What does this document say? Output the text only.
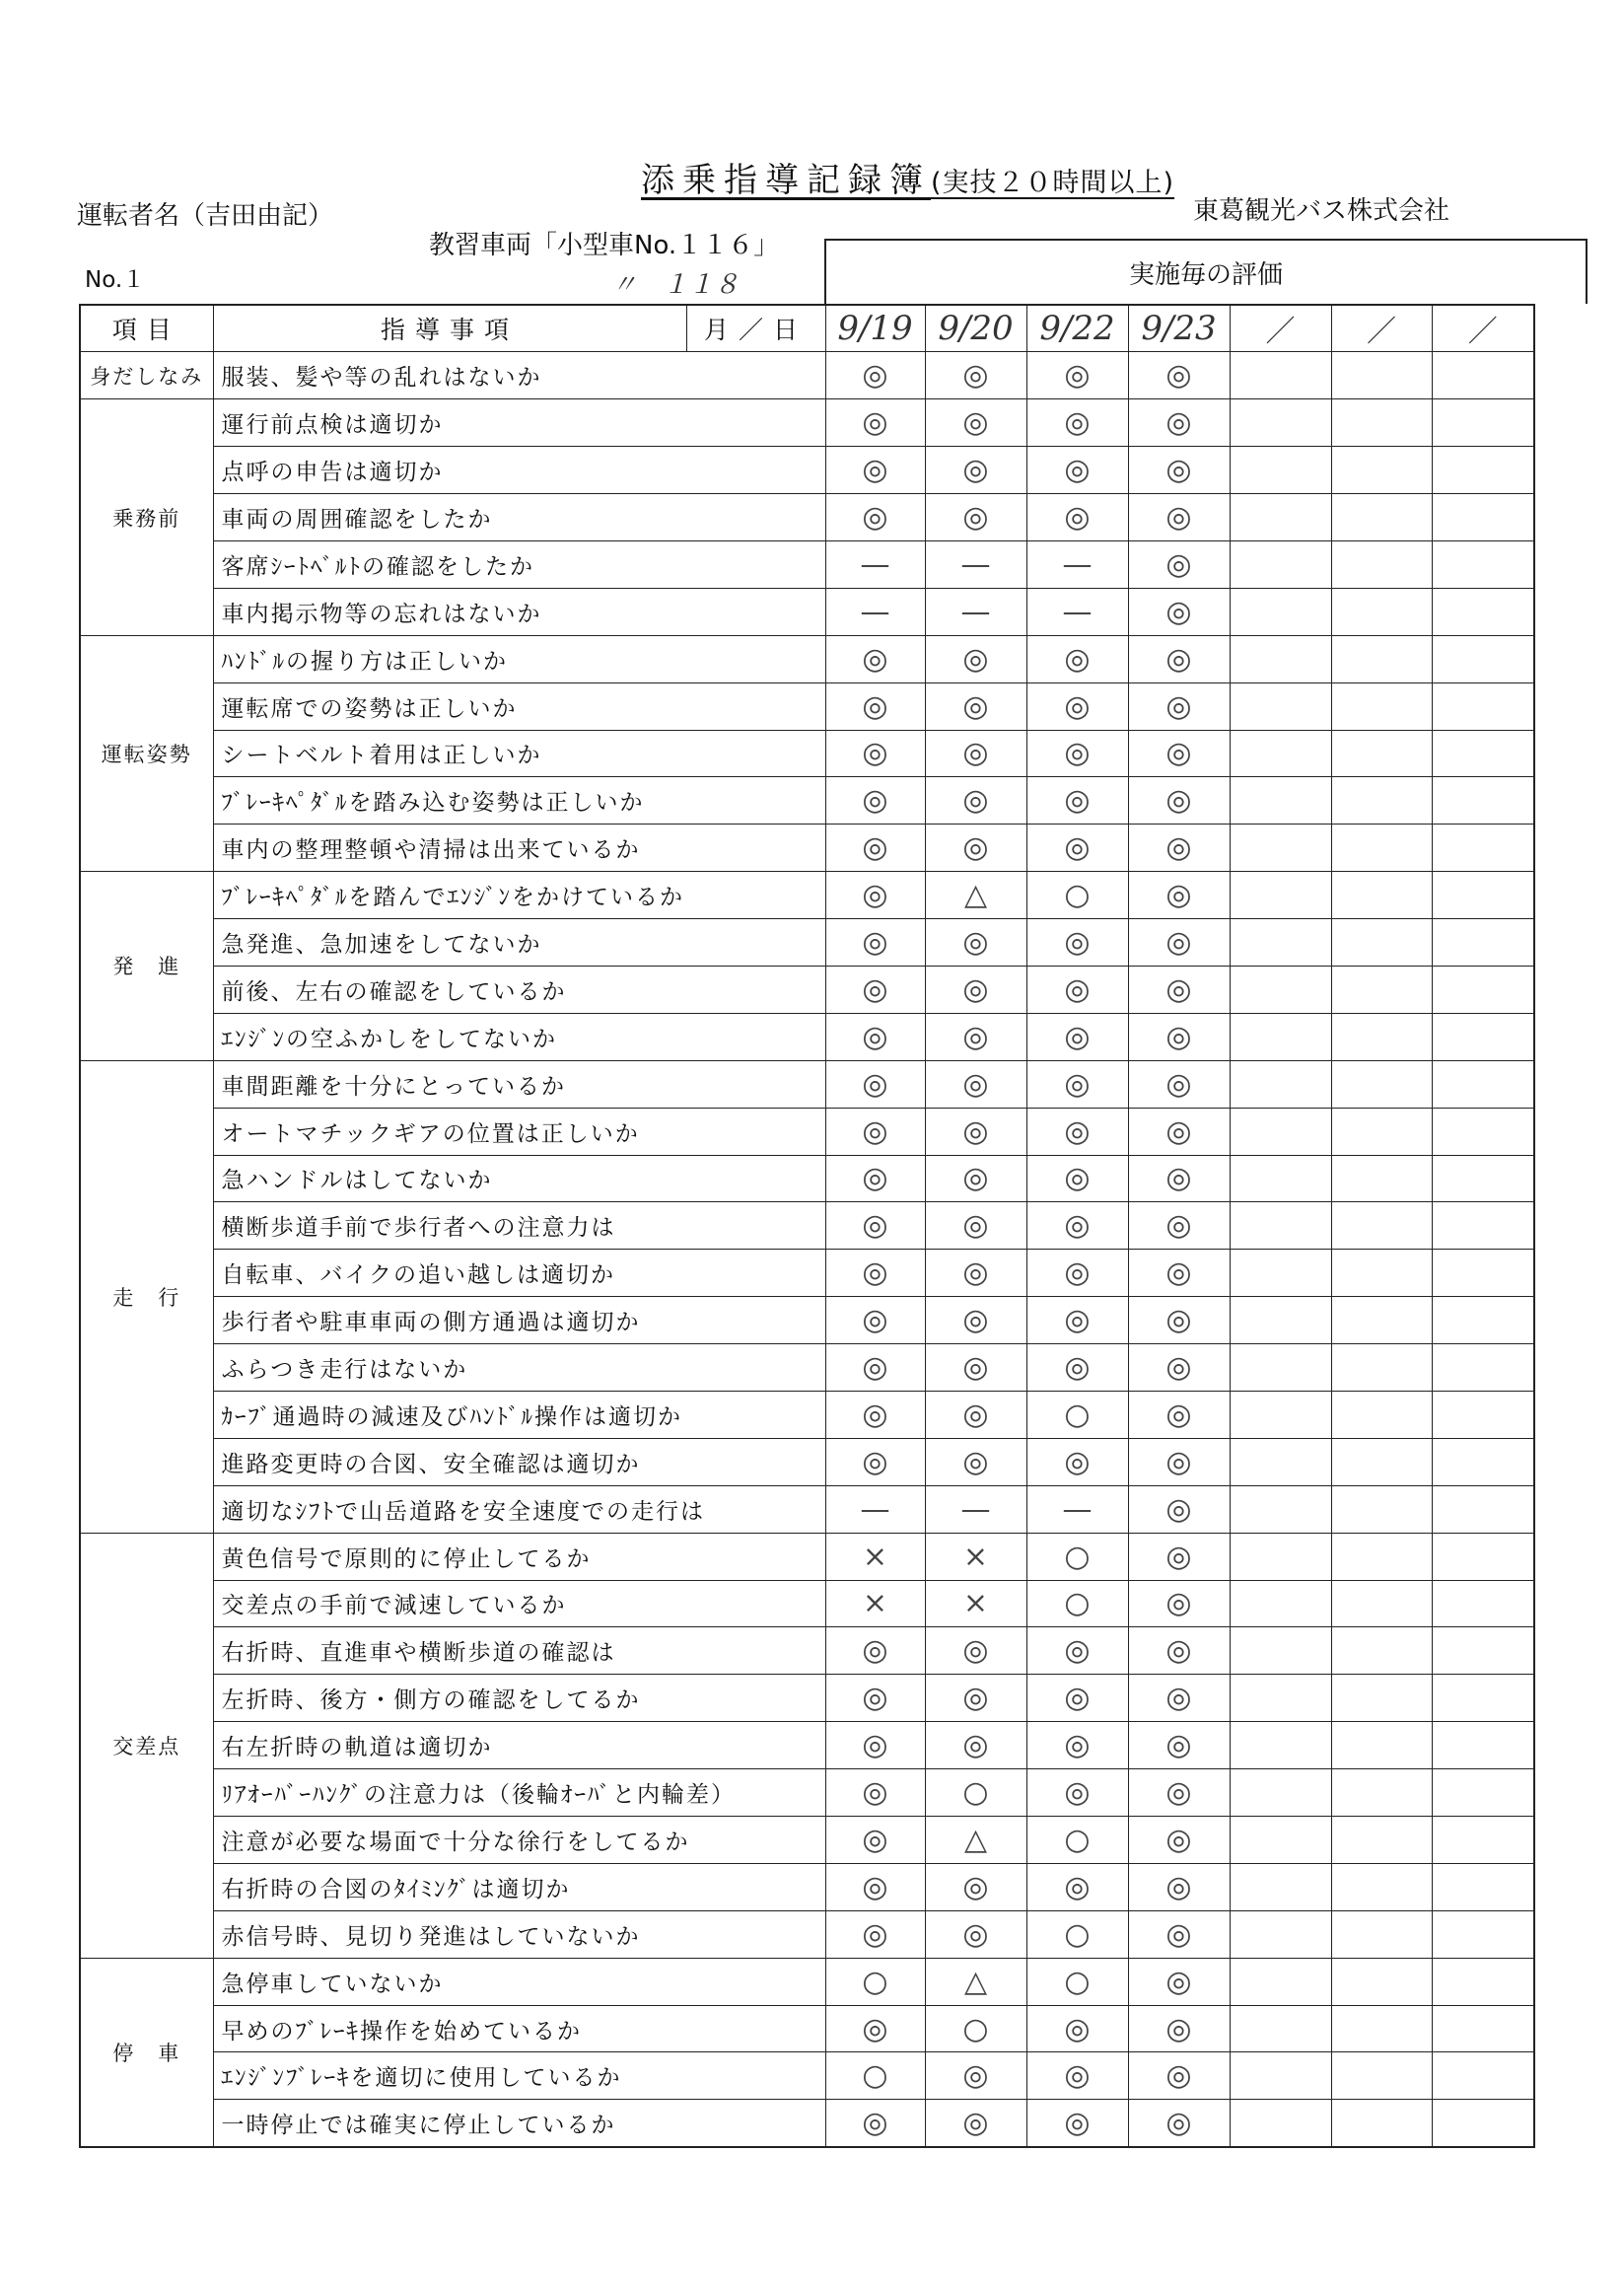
添乗指導記録簿(実技２０時間以上)
運転者名（吉田由記）	東葛観光バス株式会社
教習車両「小型車No.１１６」
〃　１１８
No.１	実施毎の評価
項目	指導事項	月／日	9/19	9/20	9/22	9/23	／	／	／
身だしなみ	服装、髪や等の乱れはないか		◎	◎	◎	◎			
乗務前	運行前点検は適切か		◎	◎	◎	◎			
	点呼の申告は適切か		◎	◎	◎	◎			
	車両の周囲確認をしたか		◎	◎	◎	◎			
	客席ｼｰﾄﾍﾞﾙﾄの確認をしたか		—	—	—	◎			
	車内掲示物等の忘れはないか		—	—	—	◎			
運転姿勢	ﾊﾝﾄﾞﾙの握り方は正しいか		◎	◎	◎	◎			
	運転席での姿勢は正しいか		◎	◎	◎	◎			
	シートベルト着用は正しいか		◎	◎	◎	◎			
	ﾌﾞﾚｰｷﾍﾟﾀﾞﾙを踏み込む姿勢は正しいか		◎	◎	◎	◎			
	車内の整理整頓や清掃は出来ているか		◎	◎	◎	◎			
発　進	ﾌﾞﾚｰｷﾍﾟﾀﾞﾙを踏んでｴﾝｼﾞﾝをかけているか		◎	△	○	◎			
	急発進、急加速をしてないか		◎	◎	◎	◎			
	前後、左右の確認をしているか		◎	◎	◎	◎			
	ｴﾝｼﾞﾝの空ふかしをしてないか		◎	◎	◎	◎			
走　行	車間距離を十分にとっているか		◎	◎	◎	◎			
	オートマチックギアの位置は正しいか		◎	◎	◎	◎			
	急ハンドルはしてないか		◎	◎	◎	◎			
	横断歩道手前で歩行者への注意力は		◎	◎	◎	◎			
	自転車、バイクの追い越しは適切か		◎	◎	◎	◎			
	歩行者や駐車車両の側方通過は適切か		◎	◎	◎	◎			
	ふらつき走行はないか		◎	◎	◎	◎			
	ｶｰﾌﾞ通過時の減速及びﾊﾝﾄﾞﾙ操作は適切か		◎	◎	○	◎			
	進路変更時の合図、安全確認は適切か		◎	◎	◎	◎			
	適切なｼﾌﾄで山岳道路を安全速度での走行は		—	—	—	◎			
交差点	黄色信号で原則的に停止してるか		×	×	○	◎			
	交差点の手前で減速しているか		×	×	○	◎			
	右折時、直進車や横断歩道の確認は		◎	◎	◎	◎			
	左折時、後方・側方の確認をしてるか		◎	◎	◎	◎			
	右左折時の軌道は適切か		◎	◎	◎	◎			
	ﾘｱｵｰﾊﾞｰﾊﾝｸﾞの注意力は（後輪ｵｰﾊﾞと内輪差）		◎	○	◎	◎			
	注意が必要な場面で十分な徐行をしてるか		◎	△	○	◎			
	右折時の合図のﾀｲﾐﾝｸﾞは適切か		◎	◎	◎	◎			
	赤信号時、見切り発進はしていないか		◎	◎	○	◎			
停　車	急停車していないか		○	△	○	◎			
	早めのﾌﾞﾚｰｷ操作を始めているか		◎	○	◎	◎			
	ｴﾝｼﾞﾝﾌﾞﾚｰｷを適切に使用しているか		○	◎	◎	◎			
	一時停止では確実に停止しているか		◎	◎	◎	◎			
